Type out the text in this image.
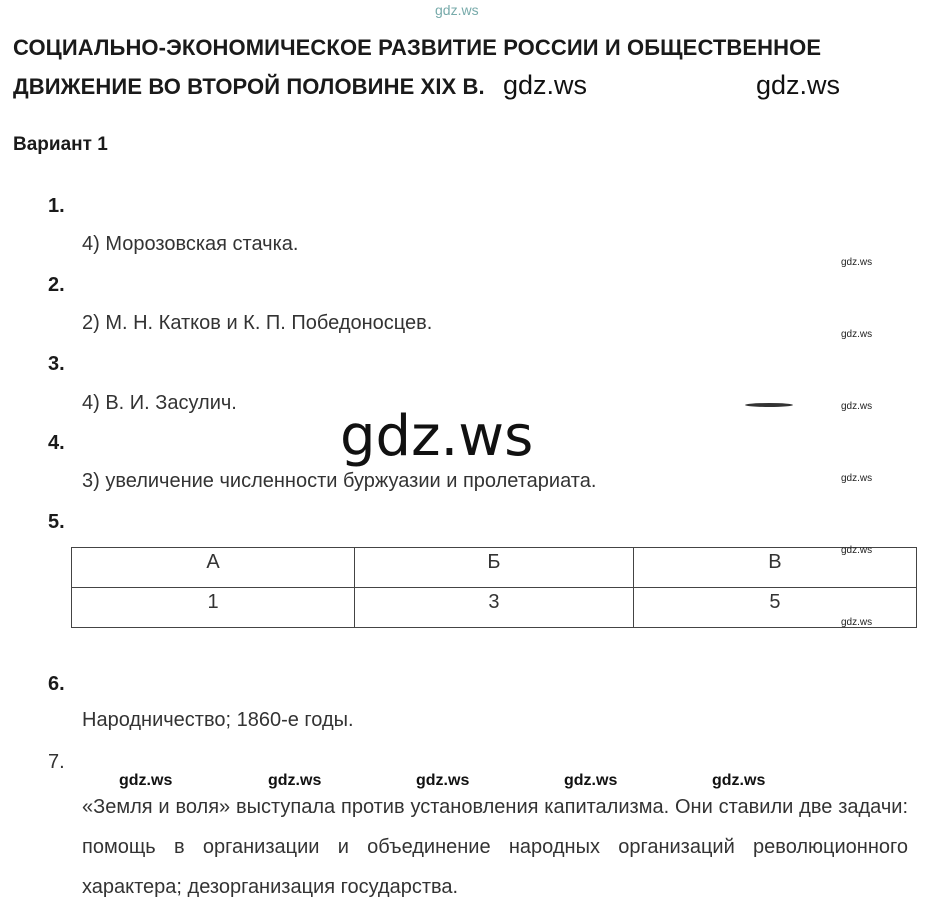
gdz.ws
СОЦИАЛЬНО-ЭКОНОМИЧЕСКОЕ РАЗВИТИЕ РОССИИ И ОБЩЕСТВЕННОЕ
ДВИЖЕНИЕ ВО ВТОРОЙ ПОЛОВИНЕ XIX В. gdz.ws	gdz.ws
Вариант 1
1.
4) Морозовская стачка.
2.
2) М. Н. Катков и К. П. Победоносцев.
3.
4) В. И. Засулич.
4.
3) увеличение численности буржуазии и пролетариата.
5.
А	Б	В
1	3	5
6.
Народничество; 1860-е годы.
7.
«Земля и воля» выступала против установления капитализма. Они ставили две задачи: помощь в организации и объединение народных организаций революционного характера; дезорганизация государства.
gdz.ws
gdz.ws
gdz.ws
gdz.ws
gdz.ws
gdz.ws
gdz.ws
gdz.ws	gdz.ws	gdz.ws	gdz.ws	gdz.ws
